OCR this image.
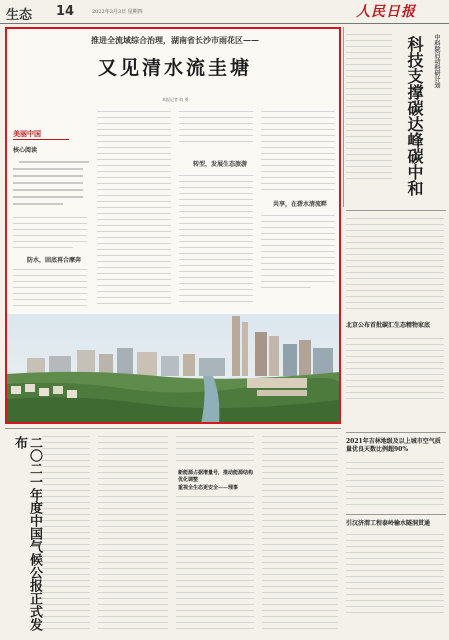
生态 14	2022年3月3日 星期四	人民日报
推进全流域综合治理，湖南省长沙市雨花区——
又见清水流圭塘
本报记者 何 勇
美丽中国
核心阅读
防水，固底再合摩奔
转型，发展生态旅游
共享，在碧水清流畔
中科院启动科研计划
科技支撑碳达峰碳中和
北京公布首批碳汇生态精物家底
2021年吉林地级及以上城市空气质量优良天数比例超90%
引汉济渭工程泰岭输水隧洞贯通
二〇二一年度中国气候公报正式发布
新能源占据增量号，推动能源结构优化调整
重视全生态更安全——理事
